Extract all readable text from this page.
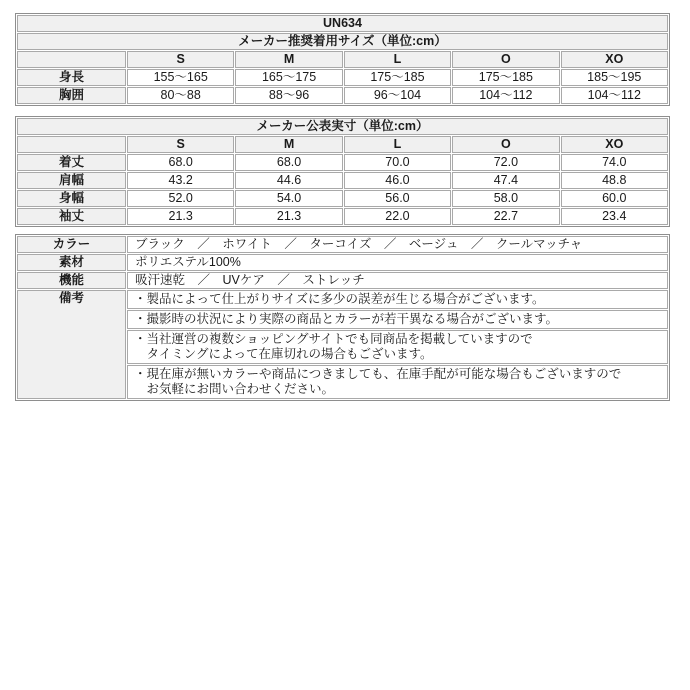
UN634					
メーカー推奨着用サイズ（単位:cm）					
	S	M	L	O	XO
身長	155～165	165～175	175～185	175～185	185～195
胸囲	80～88	88～96	96～104	104～112	104～112
メーカー公表実寸（単位:cm）					
	S	M	L	O	XO
着丈	68.0	68.0	70.0	72.0	74.0
肩幅	43.2	44.6	46.0	47.4	48.8
身幅	52.0	54.0	56.0	58.0	60.0
袖丈	21.3	21.3	22.0	22.7	23.4
カラー	ブラック　／　ホワイト　／　ターコイズ　／　ベージュ　／　クールマッチャ
素材	ポリエステル100%
機能	吸汗速乾　／　UVケア　／　ストレッチ
備考	・製品によって仕上がりサイズに多少の誤差が生じる場合がございます。

	・撮影時の状況により実際の商品とカラーが若干異なる場合がございます。

	・当社運営の複数ショッピングサイトでも同商品を掲載していますので
　タイミングによって在庫切れの場合もございます。

	・現在庫が無いカラーや商品につきましても、在庫手配が可能な場合もございますので
　お気軽にお問い合わせください。
